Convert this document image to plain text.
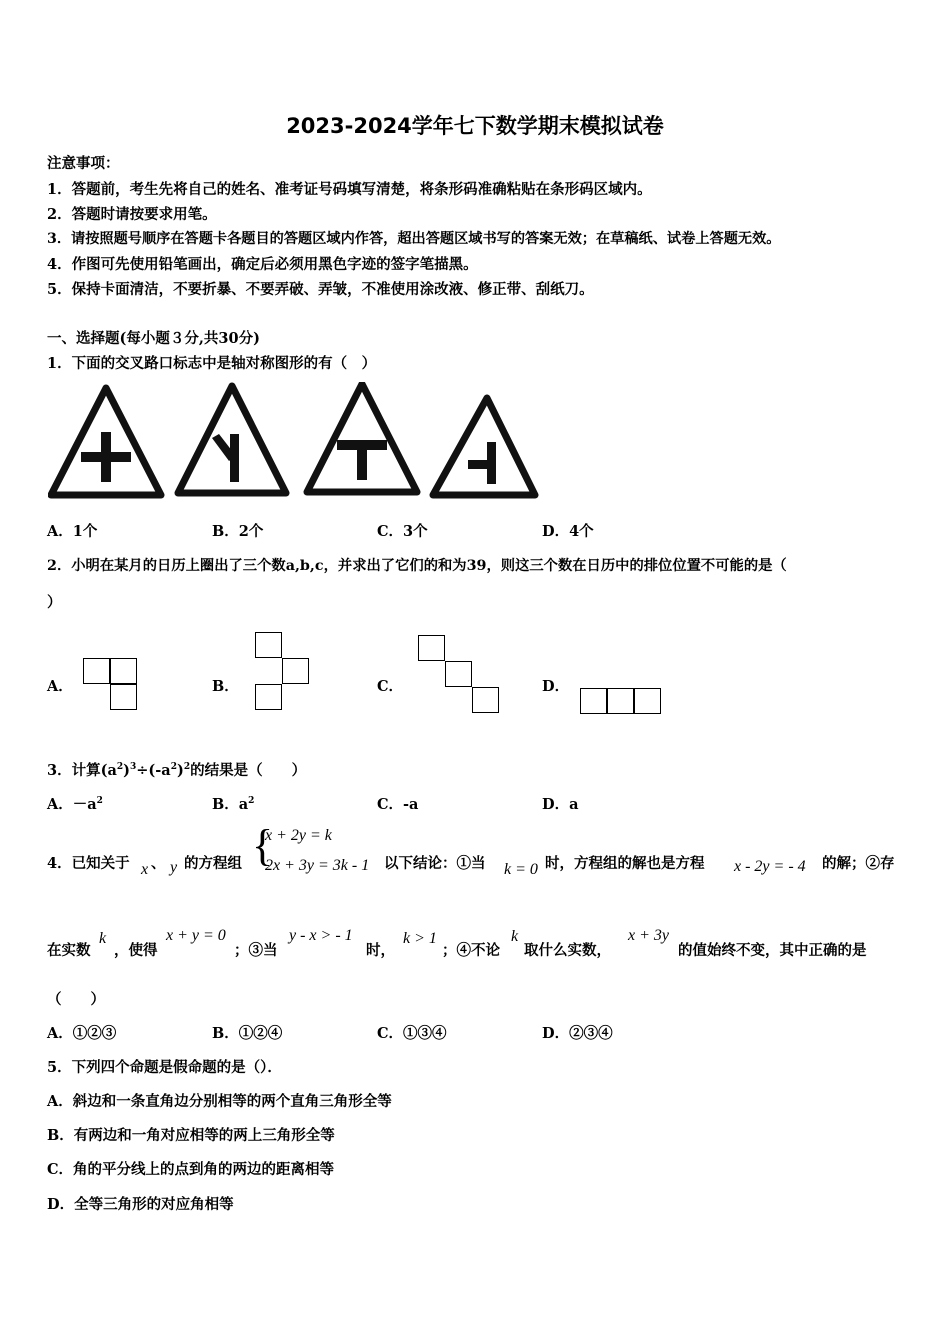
2023-2024学年七下数学期末模拟试卷
注意事项：
1．答题前，考生先将自己的姓名、准考证号码填写清楚，将条形码准确粘贴在条形码区域内。
2．答题时请按要求用笔。
3．请按照题号顺序在答题卡各题目的答题区域内作答，超出答题区域书写的答案无效；在草稿纸、试卷上答题无效。
4．作图可先使用铅笔画出，确定后必须用黑色字迹的签字笔描黑。
5．保持卡面清洁，不要折暴、不要弄破、弄皱，不准使用涂改液、修正带、刮纸刀。
一、选择题(每小题３分,共30分)
1．下面的交叉路口标志中是轴对称图形的有（　）
A．1个	B．2个	C．3个	D．4个
2．小明在某月的日历上圈出了三个数a,b,c，并求出了它们的和为39，则这三个数在日历中的排位位置不可能的是（
）
A．	B．	C．	D．
3．计算$(a^2)^3\div(-a^2)^2$的结果是（　　）
A．$-a^2$	B．$a^2$	C．-a	D．a
4．已知关于 x 、 y 的方程组 {
x + 2y = k
2x + 3y = 3k - 1 以下结论：①当 k = 0 时，方程组的解也是方程 x - 2y = - 4 的解；②存
在实数
k
，使得
x + y = 0
；③当
y - x > - 1
时，
k > 1
；④不论
k
取什么实数，
x + 3y
的值始终不变，其中正确的是
（　　）
A．①②③	B．①②④	C．①③④	D．②③④
5．下列四个命题是假命题的是（）．
A．斜边和一条直角边分别相等的两个直角三角形全等
B．有两边和一角对应相等的两上三角形全等
C．角的平分线上的点到角的两边的距离相等
D．全等三角形的对应角相等
